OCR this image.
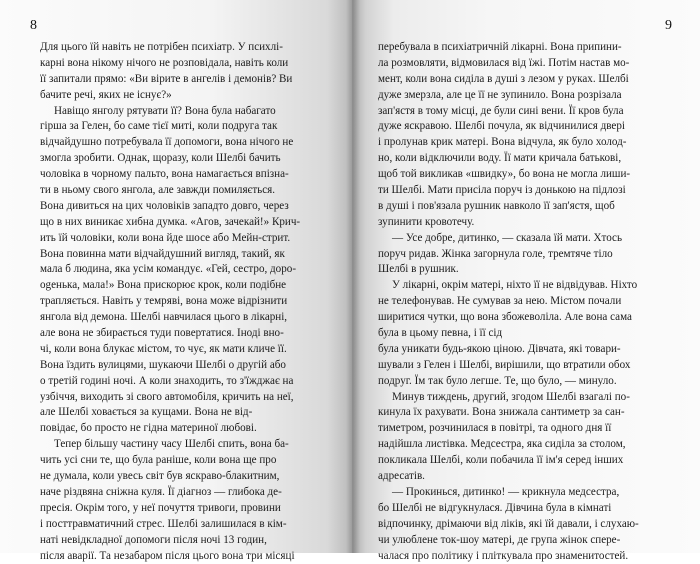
8
Для цього їй навіть не потрібен психіатр. У психлі-
карні вона нікому нічого не розповідала, навіть коли
її запитали прямо: «Ви вірите в ангелів і демонів? Ви
бачите речі, яких не існує?»
Навіщо янголу рятувати її? Вона була набагато
гірша за Гелен, бо саме тієї миті, коли подруга так
відчайдушно потребувала її допомоги, вона нічого не
змогла зробити. Однак, щоразу, коли Шелбі бачить
чоловіка в чорному пальто, вона намагається впізна-
ти в ньому свого янгола, але завжди помиляється.
Вона дивиться на цих чоловіків западто довго, через
що в них виникає хибна думка. «Агов, зачекай!» Крич-
ить їй чоловіки, коли вона йде шосе або Мейн-стрит.
Вона повинна мати відчайдушний вигляд, такий, як
мала б людина, яка усім командує. «Гей, сестро, доро-
ogенька, мала!» Вона прискорює крок, коли подібне
трапляється. Навіть у темряві, вона може відрізнити
янгола від демона. Шелбі навчилася цього в лікарні,
але вона не збирається туди повертатися. Іноді вно-
чі, коли вона блукає містом, то чує, як мати кличе її.
Вона їздить вулицями, шукаючи Шелбі о другій або
о третій годині ночі. А коли знаходить, то з'їжджає на
узбіччя, виходить зі свого автомобіля, кричить на неї,
але Шелбі ховається за кущами. Вона не від-
повідає, бо просто не гідна материної любові.
Тепер більшу частину часу Шелбі спить, вона ба-
чить усі сни те, що була раніше, коли вона ще про
не думала, коли увесь світ був яскраво-блакитним,
наче різдвяна сніжна куля. Її діагноз — глибока де-
пресія. Окрім того, у неї почуття тривоги, провини
і посттравматичний стрес. Шелбі залишилася в кім-
наті невідкладної допомоги після ночі 13 годин,
після аварії. Та незабаром після цього вона три місяці
9
перебувала в психіатричній лікарні. Вона припини-
ла розмовляти, відмовилася від їжі. Потім настав мо-
мент, коли вона сиділа в душі з лезом у руках. Шелбі
дуже змерзла, але це її не зупинило. Вона розрізала
зап'ястя в тому місці, де були сині вени. Її кров була
дуже яскравою. Шелбі почула, як відчинилися двері
і пролунав крик матері. Вона відчула, як було холод-
но, коли відключили воду. Її мати кричала батькові,
щоб той викликав «швидку», бо вона не могла лиши-
ти Шелбі. Мати присіла поруч із донькою на підлозі
в душі і пов'язала рушник навколо її зап'ястя, щоб
зупинити кровотечу.
— Усе добре, дитинко, — сказала їй мати. Хтось
поруч ридав. Жінка загорнула голе, тремтяче тіло
Шелбі в рушник.
У лікарні, окрім матері, ніхто її не відвідував. Ніхто
не телефонував. Не сумував за нею. Містом почали
ширитися чутки, що вона збожеволіла. Але вона сама
була в цьому певна, і її сід
була уникати будь-якою ціною. Дівчата, які товари-
шували з Гелен і Шелбі, вирішили, що втратили обох
подруг. Їм так було легше. Те, що було, — минуло.
Минув тиждень, другий, згодом Шелбі взагалі по-
кинула їх рахувати. Вона знижала сантиметр за сан-
тиметром, розчинилася в повітрі, та одного дня її
надійшла листівка. Медсестра, яка сиділа за столом,
покликала Шелбі, коли побачила її ім'я серед інших
адресатів.
— Прокинься, дитинко! — крикнула медсестра,
бо Шелбі не відгукнулася. Дівчина була в кімнаті
відпочинку, дрімаючи від ліків, які їй давали, і слухаю-
чи улюблене ток-шоу матері, де група жінок спере-
чалася про політику і пліткувала про знаменитостей.
